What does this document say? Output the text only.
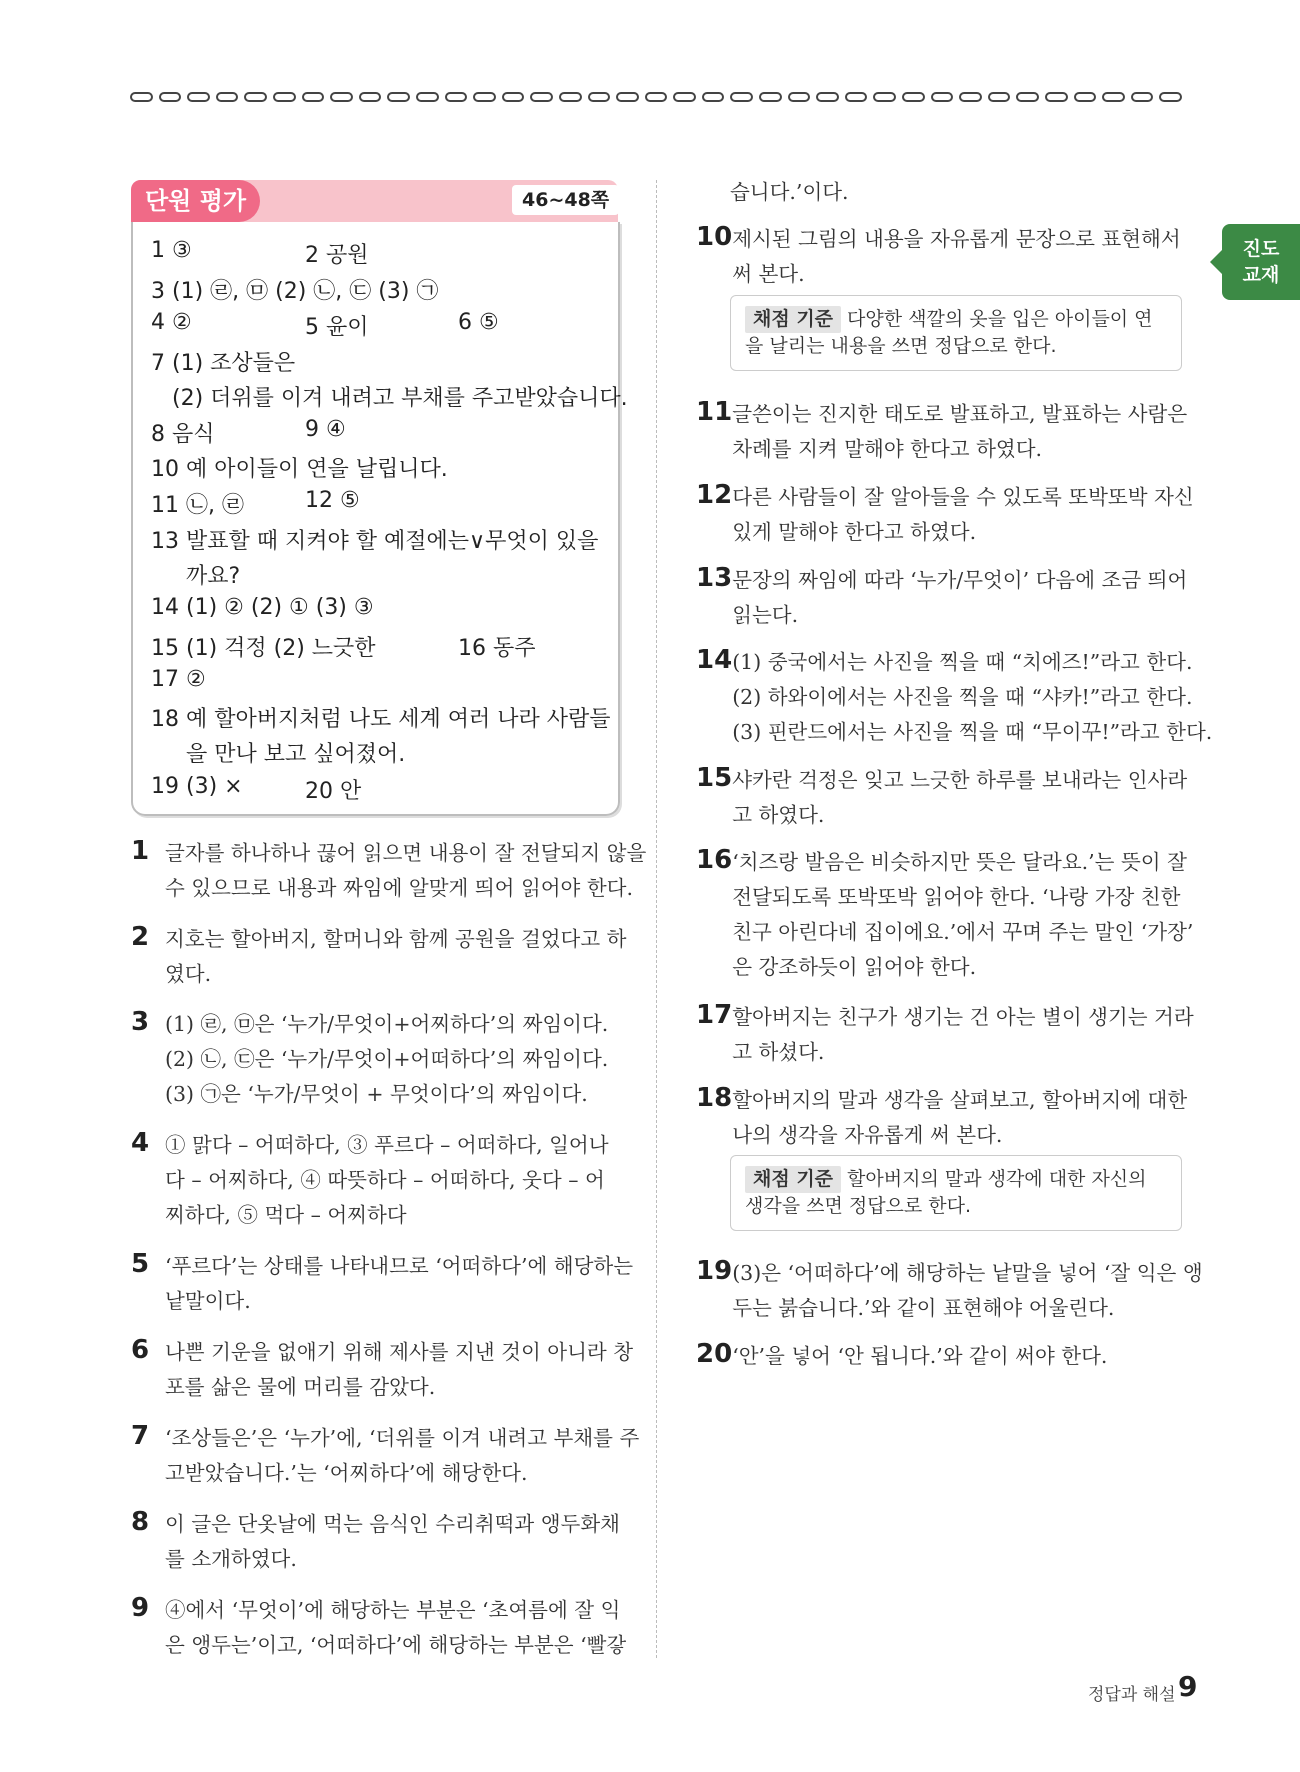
진도
교재
단원 평가	46~48쪽
1 ③	2 공원
3 (1) ㉣, ㉤ (2) ㉡, ㉢ (3) ㉠
4 ②	5 윤이	6 ⑤
7 (1) 조상들은
(2) 더위를 이겨 내려고 부채를 주고받았습니다.
8 음식	9 ④
10 예 아이들이 연을 날립니다.
11 ㉡, ㉣	12 ⑤
13 발표할 때 지켜야 할 예절에는∨무엇이 있을
까요?
14 (1) ② (2) ① (3) ③
15 (1) 걱정 (2) 느긋한	16 동주
17 ②
18 예 할아버지처럼 나도 세계 여러 나라 사람들
을 만나 보고 싶어졌어.
19 (3) ×	20 안
1 글자를 하나하나 끊어 읽으면 내용이 잘 전달되지 않을
수 있으므로 내용과 짜임에 알맞게 띄어 읽어야 한다.
2 지호는 할아버지, 할머니와 함께 공원을 걸었다고 하
였다.
3 (1) ㉣, ㉤은 ‘누가/무엇이+어찌하다’의 짜임이다.
(2) ㉡, ㉢은 ‘누가/무엇이+어떠하다’의 짜임이다.
(3) ㉠은 ‘누가/무엇이 + 무엇이다’의 짜임이다.
4 ① 맑다 – 어떠하다, ③ 푸르다 – 어떠하다, 일어나
다 – 어찌하다, ④ 따뜻하다 – 어떠하다, 웃다 – 어
찌하다, ⑤ 먹다 – 어찌하다
5 ‘푸르다’는 상태를 나타내므로 ‘어떠하다’에 해당하는
낱말이다.
6 나쁜 기운을 없애기 위해 제사를 지낸 것이 아니라 창
포를 삶은 물에 머리를 감았다.
7 ‘조상들은’은 ‘누가’에, ‘더위를 이겨 내려고 부채를 주
고받았습니다.’는 ‘어찌하다’에 해당한다.
8 이 글은 단옷날에 먹는 음식인 수리취떡과 앵두화채
를 소개하였다.
9 ④에서 ‘무엇이’에 해당하는 부분은 ‘초여름에 잘 익
은 앵두는’이고, ‘어떠하다’에 해당하는 부분은 ‘빨갛
습니다.’이다.
10 제시된 그림의 내용을 자유롭게 문장으로 표현해서
써 본다.
채점 기준 다양한 색깔의 옷을 입은 아이들이 연을 날리는 내용을 쓰면 정답으로 한다.
11 글쓴이는 진지한 태도로 발표하고, 발표하는 사람은
차례를 지켜 말해야 한다고 하였다.
12 다른 사람들이 잘 알아들을 수 있도록 또박또박 자신
있게 말해야 한다고 하였다.
13 문장의 짜임에 따라 ‘누가/무엇이’ 다음에 조금 띄어
읽는다.
14 (1) 중국에서는 사진을 찍을 때 “치에즈!”라고 한다.
(2) 하와이에서는 사진을 찍을 때 “샤카!”라고 한다.
(3) 핀란드에서는 사진을 찍을 때 “무이꾸!”라고 한다.
15 샤카란 걱정은 잊고 느긋한 하루를 보내라는 인사라
고 하였다.
16 ‘치즈랑 발음은 비슷하지만 뜻은 달라요.’는 뜻이 잘
전달되도록 또박또박 읽어야 한다. ‘나랑 가장 친한
친구 아린다네 집이에요.’에서 꾸며 주는 말인 ‘가장’
은 강조하듯이 읽어야 한다.
17 할아버지는 친구가 생기는 건 아는 별이 생기는 거라
고 하셨다.
18 할아버지의 말과 생각을 살펴보고, 할아버지에 대한
나의 생각을 자유롭게 써 본다.
채점 기준 할아버지의 말과 생각에 대한 자신의 생각을 쓰면 정답으로 한다.
19 (3)은 ‘어떠하다’에 해당하는 낱말을 넣어 ‘잘 익은 앵
두는 붉습니다.’와 같이 표현해야 어울린다.
20 ‘안’을 넣어 ‘안 됩니다.’와 같이 써야 한다.
정답과 해설 9
